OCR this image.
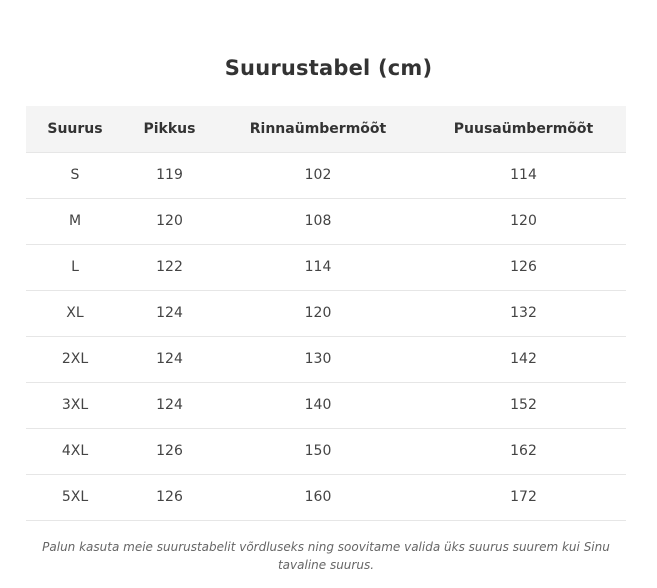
Suurustabel (cm)
Suurus	Pikkus	Rinnaümbermõõt	Puusaümbermõõt
S	119	102	114
M	120	108	120
L	122	114	126
XL	124	120	132
2XL	124	130	142
3XL	124	140	152
4XL	126	150	162
5XL	126	160	172
Palun kasuta meie suurustabelit võrdluseks ning soovitame valida üks suurus suurem kui Sinu tavaline suurus.
